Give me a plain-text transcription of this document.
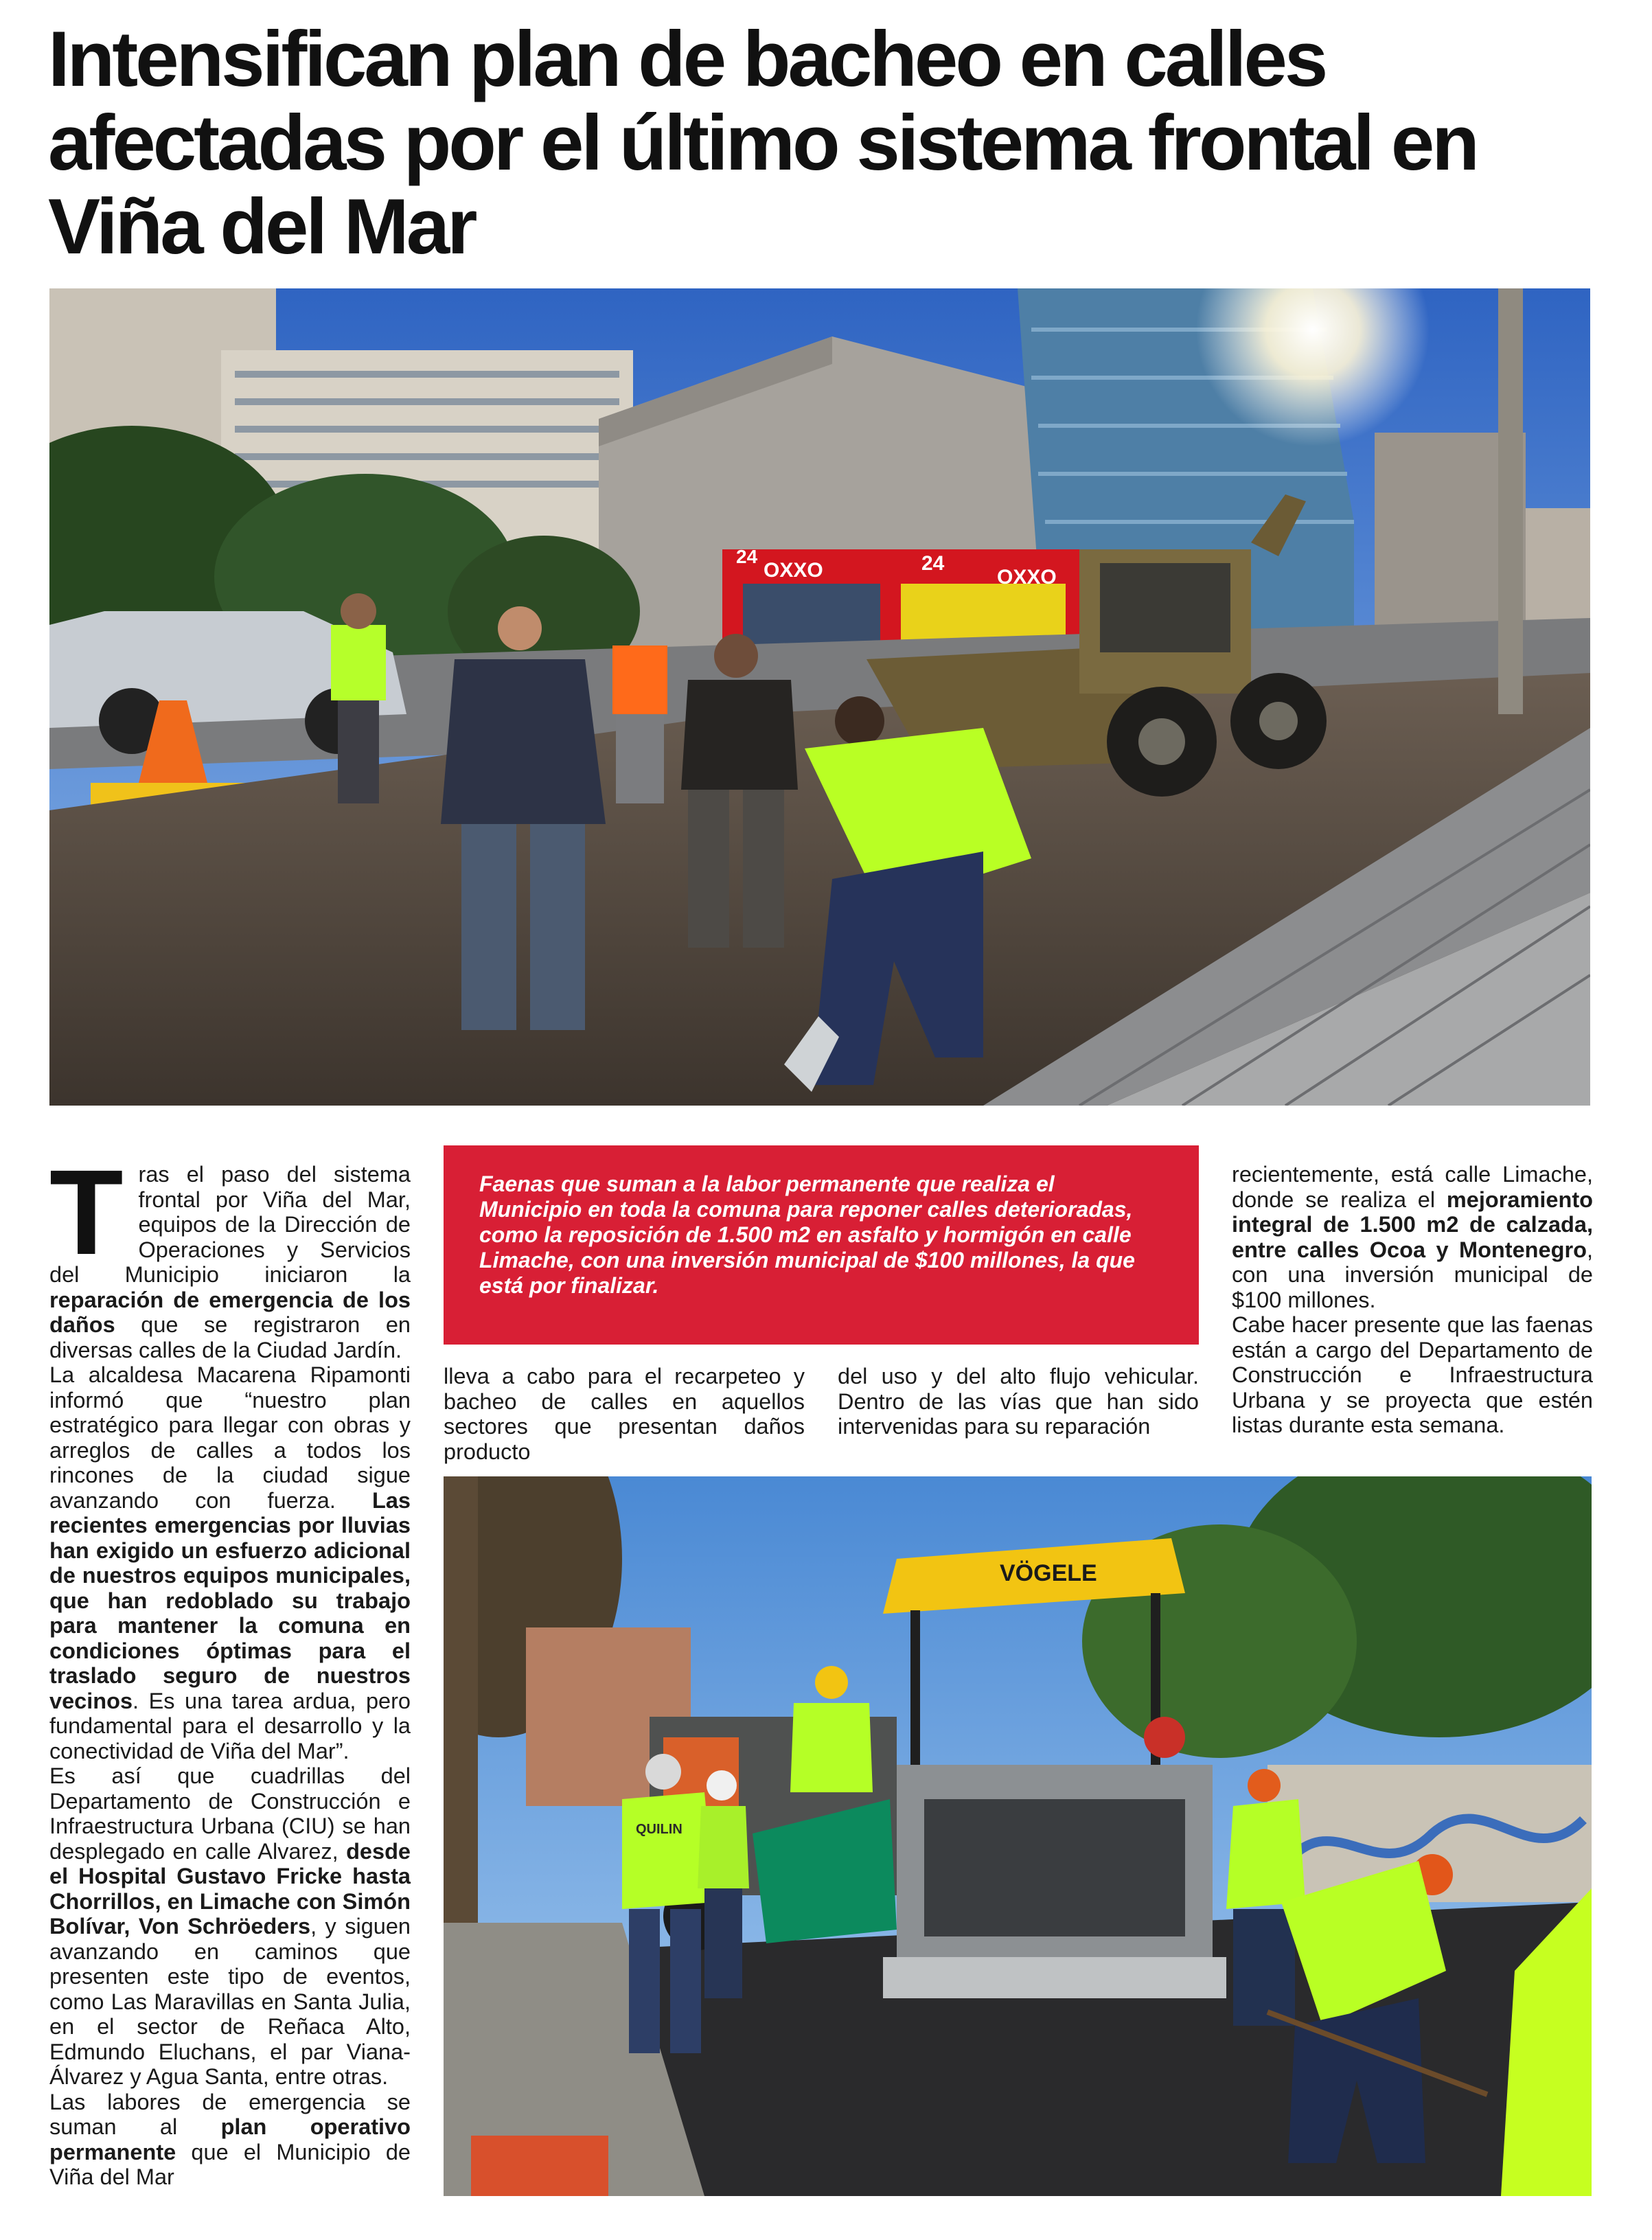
Intensifican plan de bacheo en calles afectadas por el último sistema frontal en Viña del Mar
24
OXXO	24
OXXO

Tras el paso del sistema frontal por Viña del Mar, equipos de la Dirección de Operaciones y Servicios del Municipio iniciaron la reparación de emergencia de los daños que se registraron en diversas calles de la Ciudad Jardín.

La alcaldesa Macarena Ripamonti informó que “nuestro plan estratégico para llegar con obras y arreglos de calles a todos los rincones de la ciudad sigue avanzando con fuerza. Las recientes emergencias por lluvias han exigido un esfuerzo adicional de nuestros equipos municipales, que han redoblado su trabajo para mantener la comuna en condiciones óptimas para el traslado seguro de nuestros vecinos. Es una tarea ardua, pero fundamental para el desarrollo y la conectividad de Viña del Mar”.

Es así que cuadrillas del Departamento de Construcción e Infraestructura Urbana (CIU) se han desplegado en calle Alvarez, desde el Hospital Gustavo Fricke hasta Chorrillos, en Limache con Simón Bolívar, Von Schröeders, y siguen avanzando en caminos que presenten este tipo de eventos, como Las Maravillas en Santa Julia, en el sector de Reñaca Alto, Edmundo Eluchans, el par Viana-Álvarez y Agua Santa, entre otras.

Las labores de emergencia se suman al plan operativo permanente que el Municipio de Viña del Mar

Faenas que suman a la labor permanente que realiza el Municipio en toda la comuna para reponer calles deterioradas, como la reposición de 1.500 m2 en asfalto y hormigón en calle Limache, con una inversión municipal de $100 millones, la que está por finalizar.

lleva a cabo para el recarpeteo y bacheo de calles en aquellos sectores que presentan daños producto

del uso y del alto flujo vehicular. Dentro de las vías que han sido intervenidas para su reparación

recientemente, está calle Limache, donde se realiza el mejoramiento integral de 1.500 m2 de calzada, entre calles Ocoa y Montenegro, con una inversión municipal de $100 millones.

Cabe hacer presente que las faenas están a cargo del Departamento de Construcción e Infraestructura Urbana y se proyecta que estén listas durante esta semana.

VÖGELE
QUILIN
